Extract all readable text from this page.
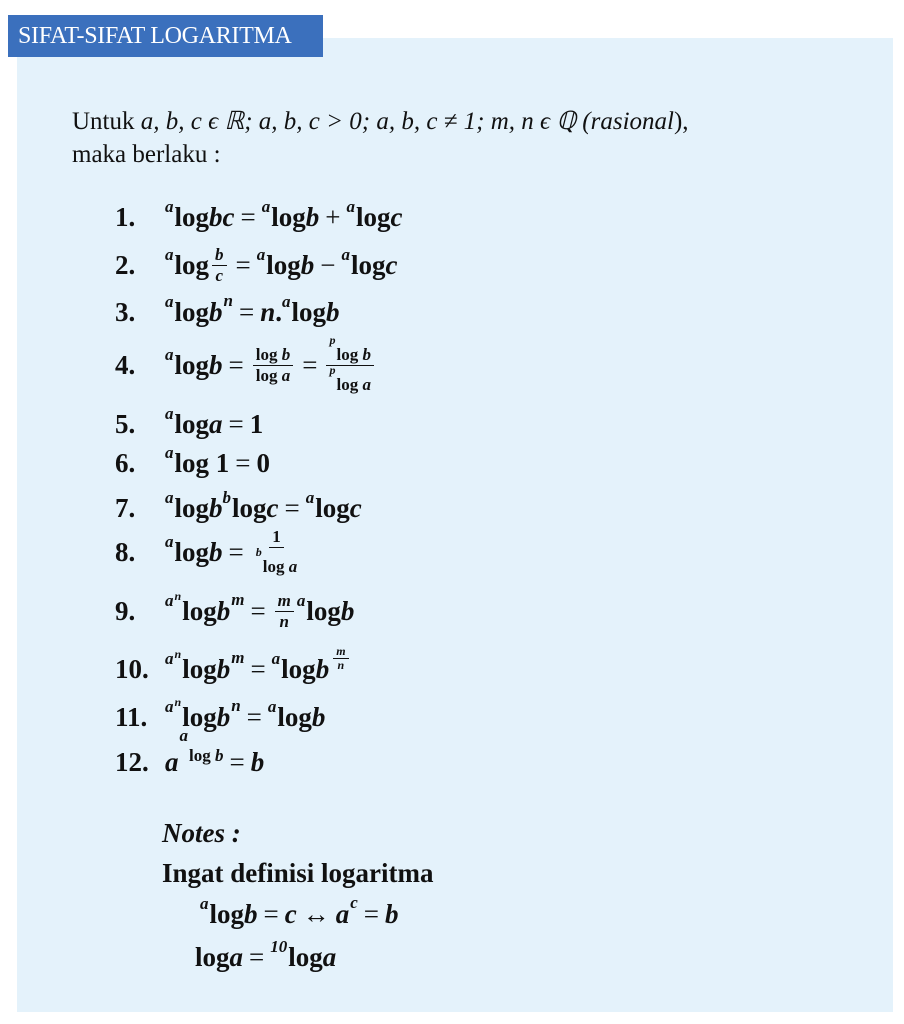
SIFAT-SIFAT LOGARITMA
Untuk a, b, c ϵ ℝ; a, b, c > 0; a, b, c ≠ 1; m, n ϵ ℚ (rasional),
maka berlaku :
1.	a log bc = a log b + a log c
2.	a $\log \frac{b}{c} = a$ log b − a log c
3.	a log b n = n . a log b
4.	a $\log b = \frac{\text{log b}}{\text{log a}} = \frac{^p\log b}{^p\log a}$
5.	a log a = 1
6.	a log 1 = 0
7.	a log b b log c = a log c
8.	a $\log b = \frac{1}{^b\log a}$
9.	$a^n$ log b $m = \frac{m}{n}$ a log b
10. $a^n$ log b m = a log b $\frac{m}{n}$
11.	$a^n$ log b n = a log b
12. a
alog b = b
Notes :
Ingat definisi logaritma
a log b = c ↔ a c = b
log a = 10 log a
